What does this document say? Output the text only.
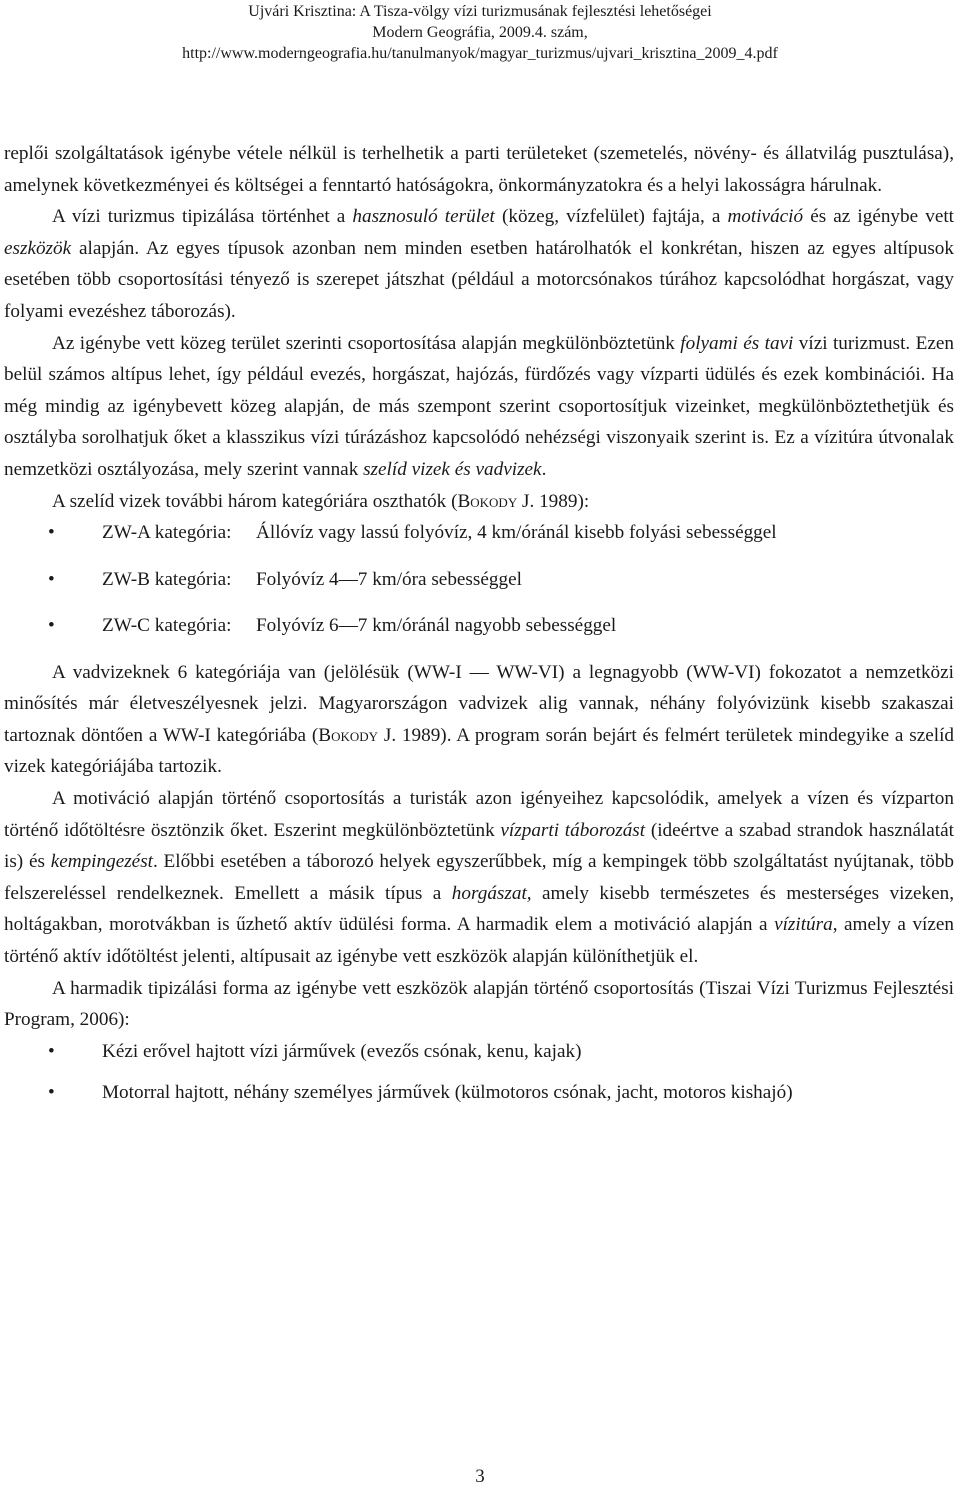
Ujvári Krisztina: A Tisza-völgy vízi turizmusának fejlesztési lehetőségei
Modern Geográfia, 2009.4. szám,
http://www.moderngeografia.hu/tanulmanyok/magyar_turizmus/ujvari_krisztina_2009_4.pdf

replői szolgáltatások igénybe vétele nélkül is terhelhetik a parti területeket (szemetelés, növény- és állatvilág pusztulása), amelynek következményei és költségei a fenntartó hatóságokra, önkormányzatokra és a helyi lakosságra hárulnak.

A vízi turizmus tipizálása történhet a hasznosuló terület (közeg, vízfelület) fajtája, a motiváció és az igénybe vett eszközök alapján. Az egyes típusok azonban nem minden esetben határolhatók el konkrétan, hiszen az egyes altípusok esetében több csoportosítási tényező is szerepet játszhat (például a motorcsónakos túrához kapcsolódhat horgászat, vagy folyami evezéshez táborozás).

Az igénybe vett közeg terület szerinti csoportosítása alapján megkülönböztetünk folyami és tavi vízi turizmust. Ezen belül számos altípus lehet, így például evezés, horgászat, hajózás, fürdőzés vagy vízparti üdülés és ezek kombinációi. Ha még mindig az igénybevett közeg alapján, de más szempont szerint csoportosítjuk vizeinket, megkülönböztethetjük és osztályba sorolhatjuk őket a klasszikus vízi túrázáshoz kapcsolódó nehézségi viszonyaik szerint is. Ez a vízitúra útvonalak nemzetközi osztályozása, mely szerint vannak szelíd vizek és vadvizek.

A szelíd vizek további három kategóriára oszthatók (Bokody J. 1989):

• ZW-A kategória: Állóvíz vagy lassú folyóvíz, 4 km/óránál kisebb folyási sebességgel
• ZW-B kategória: Folyóvíz 4—7 km/óra sebességgel
• ZW-C kategória: Folyóvíz 6—7 km/óránál nagyobb sebességgel

A vadvizeknek 6 kategóriája van (jelölésük (WW-I — WW-VI) a legnagyobb (WW-VI) fokozatot a nemzetközi minősítés már életveszélyesnek jelzi. Magyarországon vadvizek alig vannak, néhány folyóvizünk kisebb szakaszai tartoznak döntően a WW-I kategóriába (Bokody J. 1989). A program során bejárt és felmért területek mindegyike a szelíd vizek kategóriájába tartozik.

A motiváció alapján történő csoportosítás a turisták azon igényeihez kapcsolódik, amelyek a vízen és vízparton történő időtöltésre ösztönzik őket. Eszerint megkülönböztetünk vízparti táborozást (ideértve a szabad strandok használatát is) és kempingezést. Előbbi esetében a táborozó helyek egyszerűbbek, míg a kempingek több szolgáltatást nyújtanak, több felszereléssel rendelkeznek. Emellett a másik típus a horgászat, amely kisebb természetes és mesterséges vizeken, holtágakban, morotvákban is űzhető aktív üdülési forma. A harmadik elem a motiváció alapján a vízitúra, amely a vízen történő aktív időtöltést jelenti, altípusait az igénybe vett eszközök alapján különíthetjük el.

A harmadik tipizálási forma az igénybe vett eszközök alapján történő csoportosítás (Tiszai Vízi Turizmus Fejlesztési Program, 2006):

• Kézi erővel hajtott vízi járművek (evezős csónak, kenu, kajak)
• Motorral hajtott, néhány személyes járművek (külmotoros csónak, jacht, motoros kishajó)
3
